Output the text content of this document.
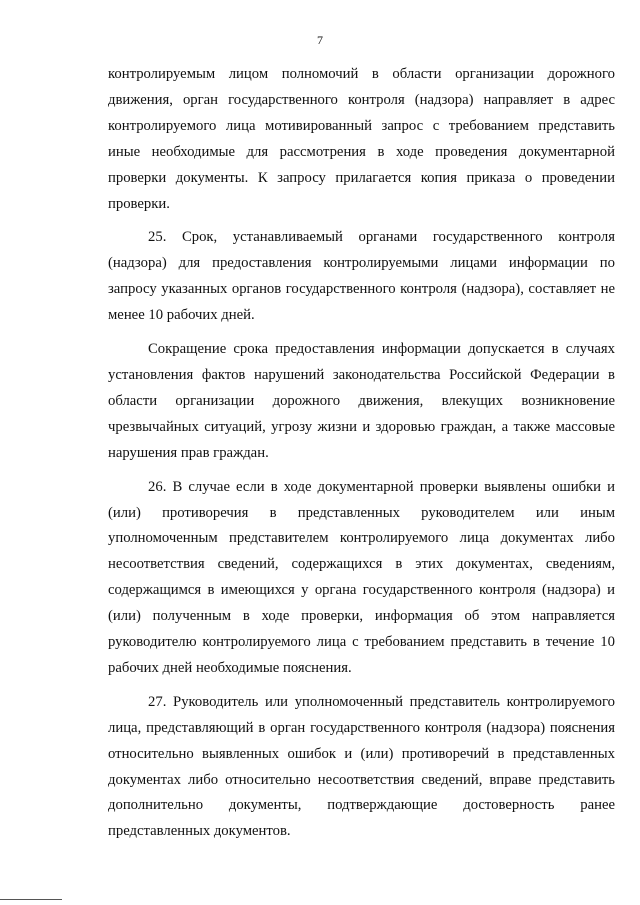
7

контролируемым лицом полномочий в области организации дорожного движения, орган государственного контроля (надзора) направляет в адрес контролируемого лица мотивированный запрос с требованием представить иные необходимые для рассмотрения в ходе проведения документарной проверки документы. К запросу прилагается копия приказа о проведении проверки.

25. Срок, устанавливаемый органами государственного контроля (надзора) для предоставления контролируемыми лицами информации по запросу указанных органов государственного контроля (надзора), составляет не менее 10 рабочих дней.

Сокращение срока предоставления информации допускается в случаях установления фактов нарушений законодательства Российской Федерации в области организации дорожного движения, влекущих возникновение чрезвычайных ситуаций, угрозу жизни и здоровью граждан, а также массовые нарушения прав граждан.

26. В случае если в ходе документарной проверки выявлены ошибки и (или) противоречия в представленных руководителем или иным уполномоченным представителем контролируемого лица документах либо несоответствия сведений, содержащихся в этих документах, сведениям, содержащимся в имеющихся у органа государственного контроля (надзора) и (или) полученным в ходе проверки, информация об этом направляется руководителю контролируемого лица с требованием представить в течение 10 рабочих дней необходимые пояснения.

27. Руководитель или уполномоченный представитель контролируемого лица, представляющий в орган государственного контроля (надзора) пояснения относительно выявленных ошибок и (или) противоречий в представленных документах либо относительно несоответствия сведений, вправе представить дополнительно документы, подтверждающие достоверность ранее представленных документов.
